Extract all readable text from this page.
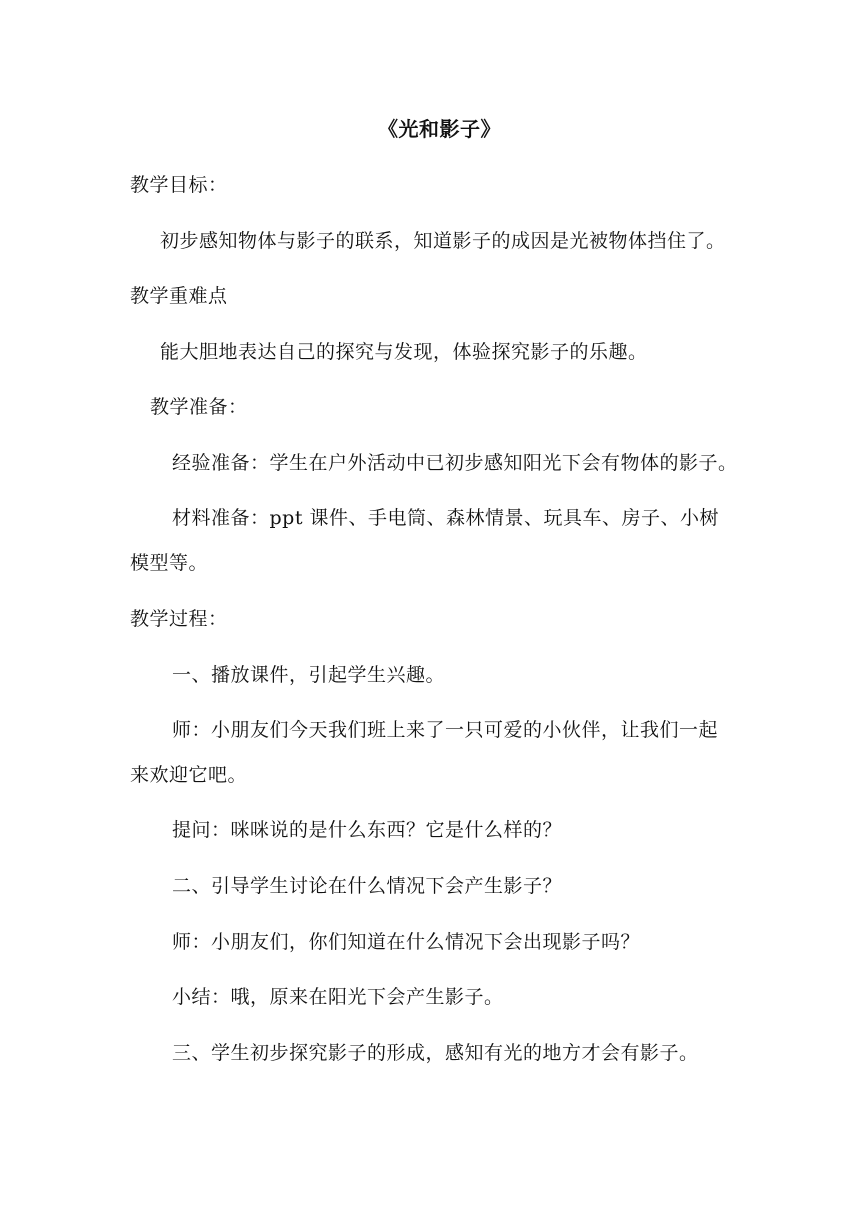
《光和影子》
教学目标：
初步感知物体与影子的联系，知道影子的成因是光被物体挡住了。
教学重难点
能大胆地表达自己的探究与发现，体验探究影子的乐趣。
教学准备：
经验准备：学生在户外活动中已初步感知阳光下会有物体的影子。
材料准备：ppt 课件、手电筒、森林情景、玩具车、房子、小树
模型等。
教学过程：
一、播放课件，引起学生兴趣。
师：小朋友们今天我们班上来了一只可爱的小伙伴，让我们一起
来欢迎它吧。
提问：咪咪说的是什么东西？它是什么样的？
二、引导学生讨论在什么情况下会产生影子？
师：小朋友们，你们知道在什么情况下会出现影子吗？
小结：哦，原来在阳光下会产生影子。
三、学生初步探究影子的形成，感知有光的地方才会有影子。
